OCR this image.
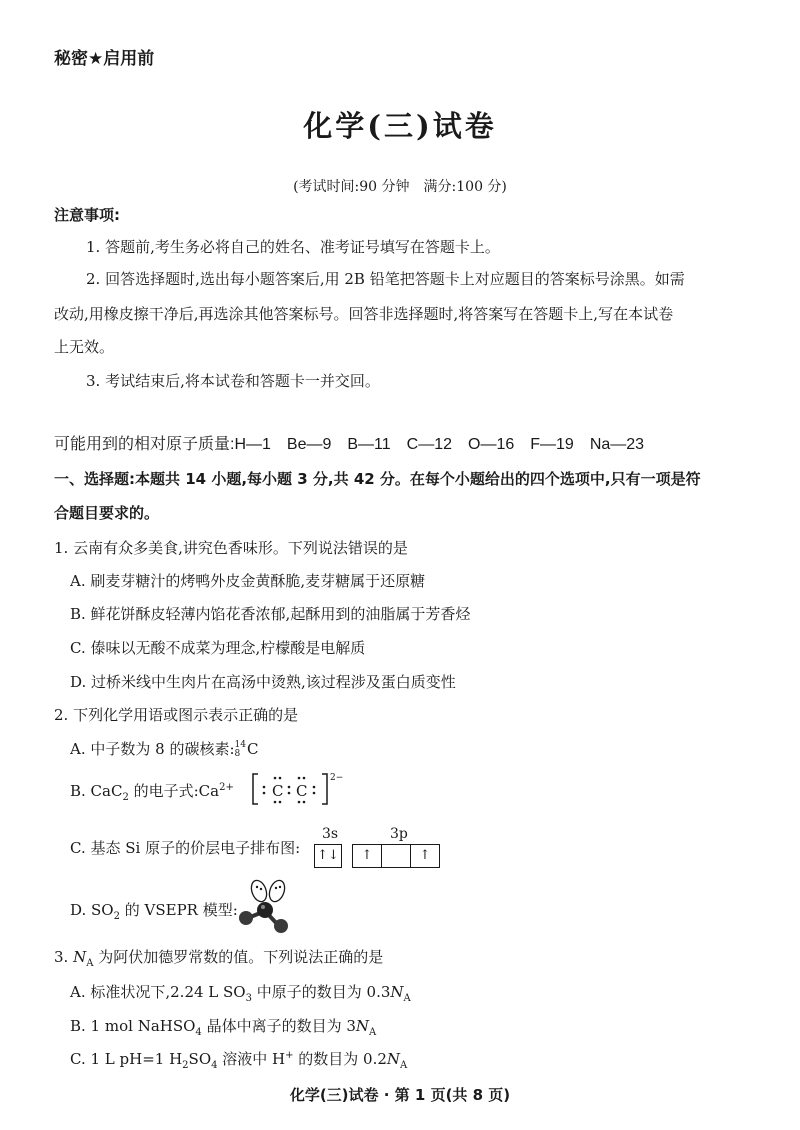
秘密★启用前
化学(三)试卷
(考试时间:90 分钟　满分:100 分)
注意事项:
1. 答题前,考生务必将自己的姓名、准考证号填写在答题卡上。
2. 回答选择题时,选出每小题答案后,用 2B 铅笔把答题卡上对应题目的答案标号涂黑。如需
改动,用橡皮擦干净后,再选涂其他答案标号。回答非选择题时,将答案写在答题卡上,写在本试卷
上无效。
3. 考试结束后,将本试卷和答题卡一并交回。
可能用到的相对原子质量:H—1　Be—9　B—11　C—12　O—16　F—19　Na—23
一、选择题:本题共 14 小题,每小题 3 分,共 42 分。在每个小题给出的四个选项中,只有一项是符
合题目要求的。
1. 云南有众多美食,讲究色香味形。下列说法错误的是
A. 刷麦芽糖汁的烤鸭外皮金黄酥脆,麦芽糖属于还原糖
B. 鲜花饼酥皮轻薄内馅花香浓郁,起酥用到的油脂属于芳香烃
C. 傣味以无酸不成菜为理念,柠檬酸是电解质
D. 过桥米线中生肉片在高汤中烫熟,该过程涉及蛋白质变性
2. 下列化学用语或图示表示正确的是
A. 中子数为 8 的碳核素: 14
8 C
B. CaC$_2$ 的电子式$:Ca^{2+}$	C C
2−
C. 基态 Si 原子的价层电子排布图:
3s	3p
↑↓	↑	↑
D. $SO_2$ 的 VSEPR 模型:
3. $N_A$ 为阿伏加德罗常数的值。下列说法正确的是
A. 标准状况下,2.24 L $SO_3$ 中原子的数目为 $0.3N_A$
B. 1 mol NaHSO$_4$ 晶体中离子的数目为 $3N_A$
C. 1 L pH=1 $H_2SO_4$ 溶液中 H+ 的数目为 $0.2N_A$
化学(三)试卷 · 第 1 页(共 8 页)
